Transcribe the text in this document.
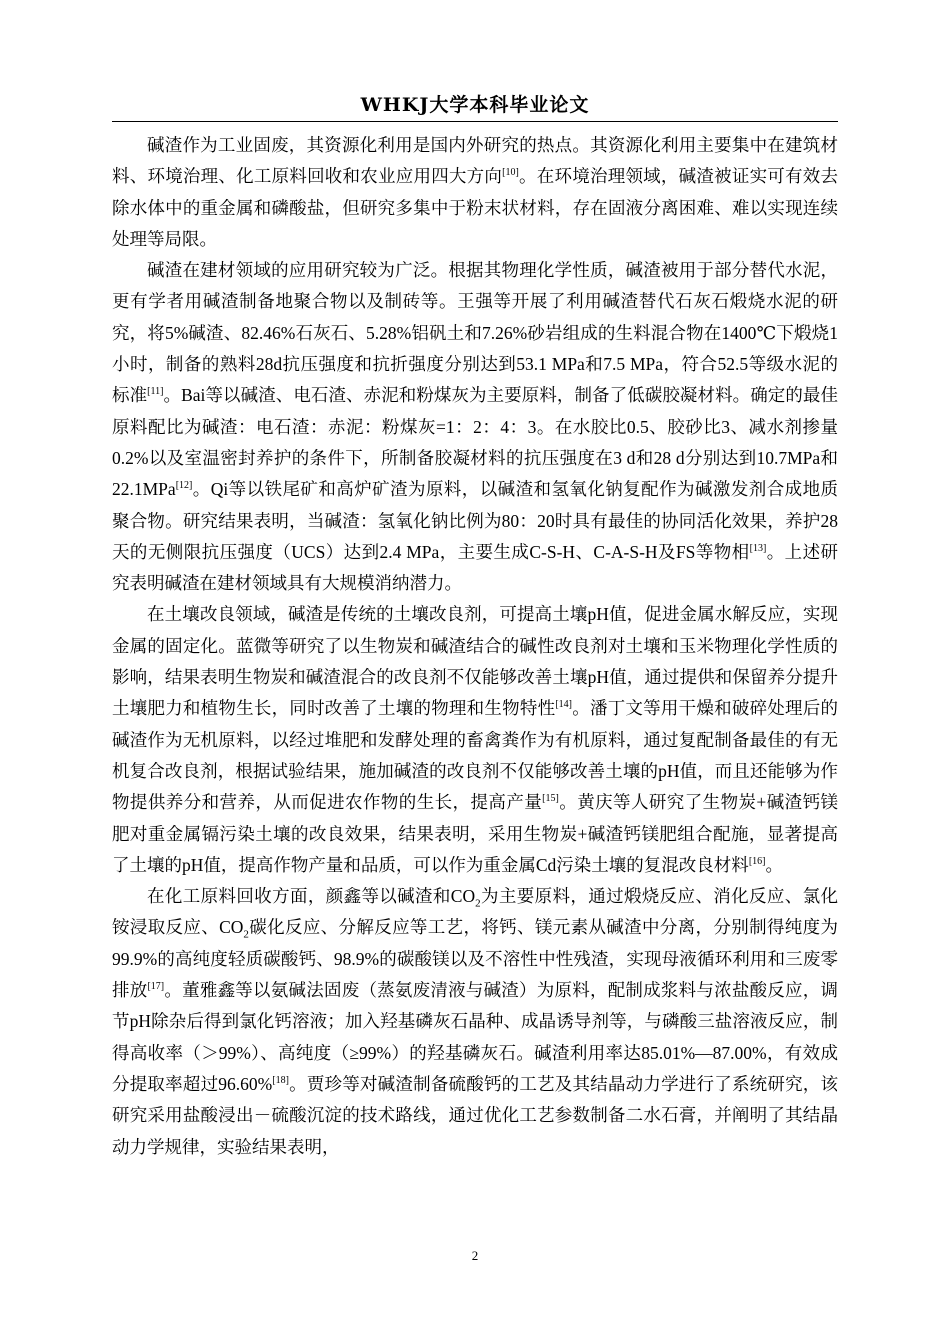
WHKJ大学本科毕业论文

碱渣作为工业固废，其资源化利用是国内外研究的热点。其资源化利用主要集中在建筑材料、环境治理、化工原料回收和农业应用四大方向[10]。在环境治理领域，碱渣被证实可有效去除水体中的重金属和磷酸盐，但研究多集中于粉末状材料，存在固液分离困难、难以实现连续处理等局限。

碱渣在建材领域的应用研究较为广泛。根据其物理化学性质，碱渣被用于部分替代水泥，更有学者用碱渣制备地聚合物以及制砖等。王强等开展了利用碱渣替代石灰石煅烧水泥的研究，将5%碱渣、82.46%石灰石、5.28%铝矾土和7.26%砂岩组成的生料混合物在1400℃下煅烧1小时，制备的熟料28d抗压强度和抗折强度分别达到53.1 MPa和7.5 MPa，符合52.5等级水泥的标准[11]。Bai等以碱渣、电石渣、赤泥和粉煤灰为主要原料，制备了低碳胶凝材料。确定的最佳原料配比为碱渣：电石渣：赤泥：粉煤灰=1：2：4：3。在水胶比0.5、胶砂比3、减水剂掺量0.2%以及室温密封养护的条件下，所制备胶凝材料的抗压强度在3 d和28 d分别达到10.7MPa和22.1MPa[12]。Qi等以铁尾矿和高炉矿渣为原料，以碱渣和氢氧化钠复配作为碱激发剂合成地质聚合物。研究结果表明，当碱渣：氢氧化钠比例为80：20时具有最佳的协同活化效果，养护28天的无侧限抗压强度（UCS）达到2.4 MPa，主要生成C-S-H、C-A-S-H及FS等物相[13]。上述研究表明碱渣在建材领域具有大规模消纳潜力。

在土壤改良领域，碱渣是传统的土壤改良剂，可提高土壤pH值，促进金属水解反应，实现金属的固定化。蓝微等研究了以生物炭和碱渣结合的碱性改良剂对土壤和玉米物理化学性质的影响，结果表明生物炭和碱渣混合的改良剂不仅能够改善土壤pH值，通过提供和保留养分提升土壤肥力和植物生长，同时改善了土壤的物理和生物特性[14]。潘丁文等用干燥和破碎处理后的碱渣作为无机原料，以经过堆肥和发酵处理的畜禽粪作为有机原料，通过复配制备最佳的有无机复合改良剂，根据试验结果，施加碱渣的改良剂不仅能够改善土壤的pH值，而且还能够为作物提供养分和营养，从而促进农作物的生长，提高产量[15]。黄庆等人研究了生物炭+碱渣钙镁肥对重金属镉污染土壤的改良效果，结果表明，采用生物炭+碱渣钙镁肥组合配施，显著提高了土壤的pH值，提高作物产量和品质，可以作为重金属Cd污染土壤的复混改良材料[16]。

在化工原料回收方面，颜鑫等以碱渣和$CO_2$为主要原料，通过煅烧反应、消化反应、氯化铵浸取反应、$CO_2$碳化反应、分解反应等工艺，将钙、镁元素从碱渣中分离，分别制得纯度为99.9%的高纯度轻质碳酸钙、98.9%的碳酸镁以及不溶性中性残渣，实现母液循环利用和三废零排放[17]。董雅鑫等以氨碱法固废（蒸氨废清液与碱渣）为原料，配制成浆料与浓盐酸反应，调节pH除杂后得到氯化钙溶液；加入羟基磷灰石晶种、成晶诱导剂等，与磷酸三盐溶液反应，制得高收率（＞99%）、高纯度（≥99%）的羟基磷灰石。碱渣利用率达85.01%—87.00%，有效成分提取率超过96.60%[18]。贾珍等对碱渣制备硫酸钙的工艺及其结晶动力学进行了系统研究，该研究采用盐酸浸出－硫酸沉淀的技术路线，通过优化工艺参数制备二水石膏，并阐明了其结晶动力学规律，实验结果表明，

2
